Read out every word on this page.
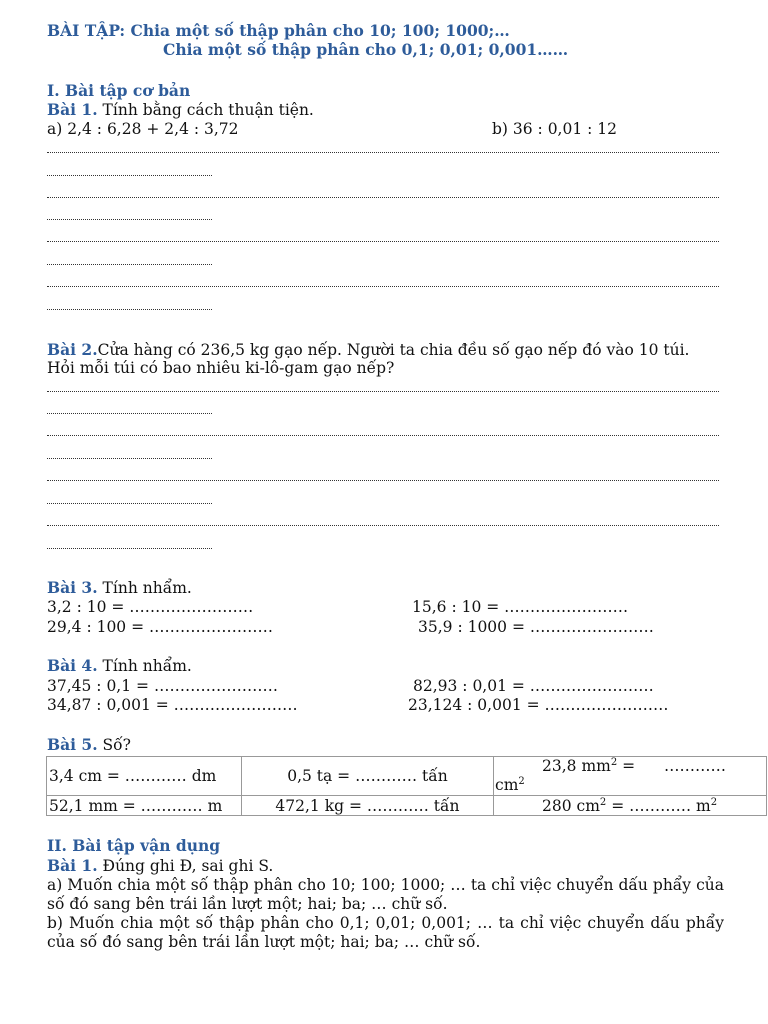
BÀI TẬP: Chia một số thập phân cho 10; 100; 1000;…
Chia một số thập phân cho 0,1; 0,01; 0,001……
I. Bài tập cơ bản
Bài 1. Tính bằng cách thuận tiện.
a) 2,4 : 6,28 + 2,4 : 3,72	b) 36 : 0,01 : 12
Bài 2.Cửa hàng có 236,5 kg gạo nếp. Người ta chia đều số gạo nếp đó vào 10 túi.
Hỏi mỗi túi có bao nhiêu ki-lô-gam gạo nếp?
Bài 3. Tính nhẩm.
3,2 : 10 = ……………………	15,6 : 10 = ……………………
29,4 : 100 = ……………………	35,9 : 1000 = ……………………
Bài 4. Tính nhẩm.
37,45 : 0,1 = ……………………	82,93 : 0,01 = ……………………
34,87 : 0,001 = ……………………	23,124 : 0,001 = ……………………
Bài 5. Số?
3,4 cm = ………… dm	0,5 tạ = ………… tấn	23,8 $mm^2$ = …………
$cm^2$

52,1 mm = ………… m	472,1 kg = ………… tấn	280 $cm^2$ = ………… $m^2$
II. Bài tập vận dụng
Bài 1. Đúng ghi Đ, sai ghi S.
a) Muốn chia một số thập phân cho 10; 100; 1000; … ta chỉ việc chuyển dấu phẩy của số đó sang bên trái lần lượt một; hai; ba; … chữ số.
b) Muốn chia một số thập phân cho 0,1; 0,01; 0,001; … ta chỉ việc chuyển dấu phẩy của số đó sang bên trái lần lượt một; hai; ba; … chữ số.
